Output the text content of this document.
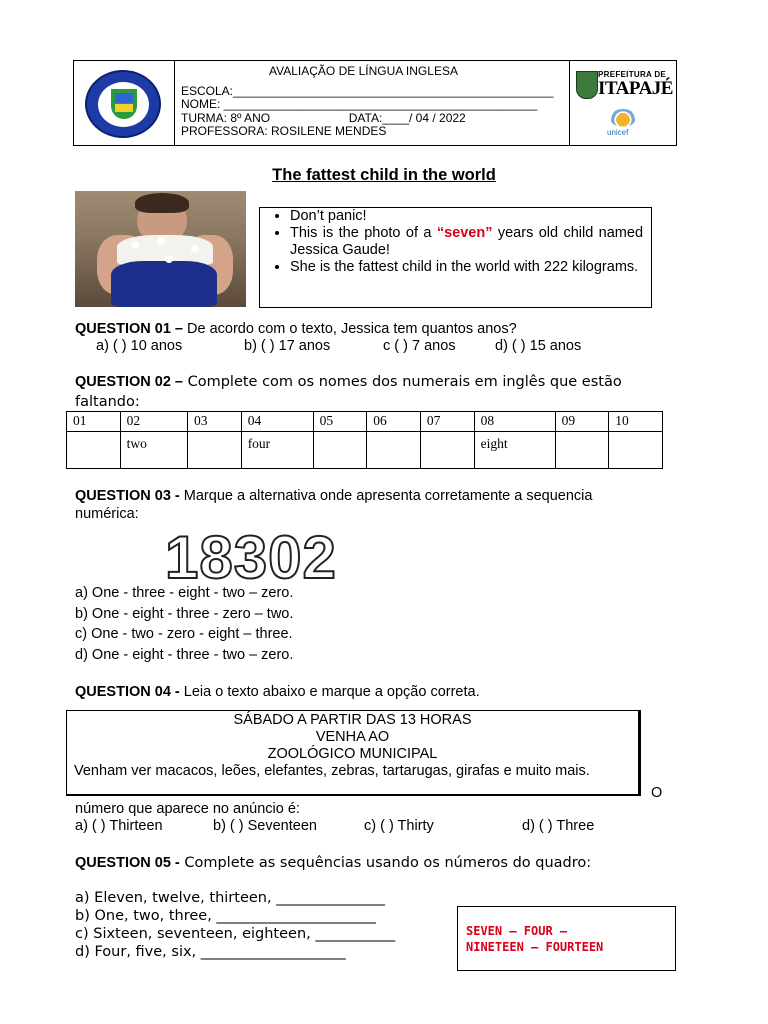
AVALIAÇÃO DE LÍNGUA INGLESA
ESCOLA:________________________________________________
NOME: _______________________________________________
TURMA: 8º ANO	DATA:____/ 04 / 2022
PROFESSORA: ROSILENE MENDES
PREFEITURA DE
ITAPAJÉ
unicef
The fattest child in the world
• Don’t panic!
• This is the photo of a “seven” years old child named Jessica Gaude!
• She is the fattest child in the world with 222 kilograms.
QUESTION 01 – De acordo com o texto, Jessica tem quantos anos?
a) ( ) 10 anos	b) ( ) 17 anos	c ( ) 7 anos	d) ( ) 15 anos
QUESTION 02 – Complete com os nomes dos numerais em inglês que estão
faltando:
01	02	03	04	05	06	07	08	09	10
	two		four				eight		
QUESTION 03 - Marque a alternativa onde apresenta corretamente a sequencia
numérica:
18302
a) One - three - eight - two – zero.
b) One - eight - three - zero – two.
c) One - two - zero - eight – three.
d) One - eight - three - two – zero.
QUESTION 04 - Leia o texto abaixo e marque a opção correta.
SÁBADO A PARTIR DAS 13 HORAS
VENHA AO
ZOOLÓGICO MUNICIPAL
Venham ver macacos, leões, elefantes, zebras, tartarugas, girafas e muito mais.
O
número que aparece no anúncio é:
a) ( ) Thirteen	b) ( ) Seventeen	c) ( ) Thirty	d) ( ) Three
QUESTION 05 - Complete as sequências usando os números do quadro:
a) Eleven, twelve, thirteen, _______________
b) One, two, three, ______________________
c) Sixteen, seventeen, eighteen, ___________
d) Four, five, six, ____________________
SEVEN – FOUR –
NINETEEN – FOURTEEN
